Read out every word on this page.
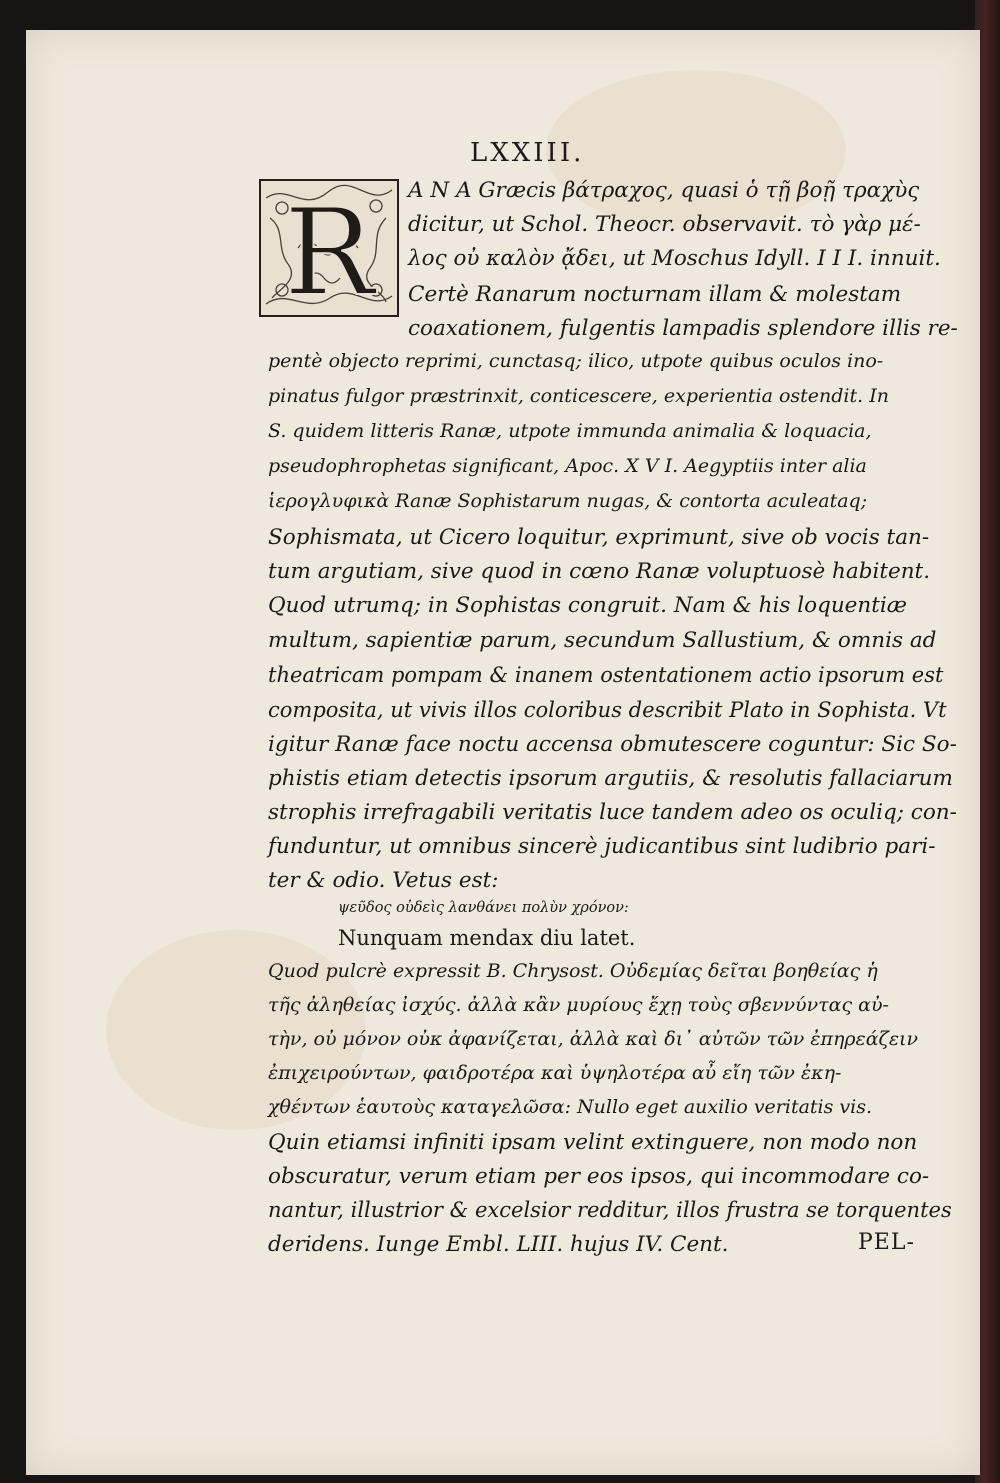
LXXIII.
R A N A Græcis βάτραχος, quasi ὁ τῇ βοῇ τραχὺς
dicitur, ut Schol. Theocr. observavit. τὸ γὰρ μέ-
λος οὐ καλὸν ᾄδει, ut Moschus Idyll. I I I. innuit.
Certè Ranarum nocturnam illam & molestam
coaxationem, fulgentis lampadis splendore illis re-
pentè objecto reprimi, cunctasq; ilico, utpote quibus oculos ino-
pinatus fulgor præstrinxit, conticescere, experientia ostendit. In
S. quidem litteris Ranæ, utpote immunda animalia & loquacia,
pseudophrophetas significant, Apoc. X V I. Aegyptiis inter alia
ἱερογλυφικὰ Ranæ Sophistarum nugas, & contorta aculeataq;
Sophismata, ut Cicero loquitur, exprimunt, sive ob vocis tan-
tum argutiam, sive quod in cœno Ranæ voluptuosè habitent.
Quod utrumq; in Sophistas congruit. Nam & his loquentiæ
multum, sapientiæ parum, secundum Sallustium, & omnis ad
theatricam pompam & inanem ostentationem actio ipsorum est
composita, ut vivis illos coloribus describit Plato in Sophista. Vt
igitur Ranæ face noctu accensa obmutescere coguntur: Sic So-
phistis etiam detectis ipsorum argutiis, & resolutis fallaciarum
strophis irrefragabili veritatis luce tandem adeo os oculiq; con-
funduntur, ut omnibus sincerè judicantibus sint ludibrio pari-
ter & odio. Vetus est:
ψεῦδος οὐδεὶς λανθάνει πολὺν χρόνον:
Nunquam mendax diu latet.
Quod pulcrè expressit B. Chrysost. Οὐδεμίας δεῖται βοηθείας ἡ
τῆς ἀληθείας ἰσχύς. ἀλλὰ κἂν μυρίους ἔχῃ τοὺς σβεννύντας αὐ-
τὴν, οὐ μόνον οὐκ ἀφανίζεται, ἀλλὰ καὶ δι᾽ αὐτῶν τῶν ἐπηρεάζειν
ἐπιχειρούντων, φαιδροτέρα καὶ ὑψηλοτέρα αὖ εἴη τῶν ἐκη-
χθέντων ἑαυτοὺς καταγελῶσα: Nullo eget auxilio veritatis vis.
Quin etiamsi infiniti ipsam velint extinguere, non modo non
obscuratur, verum etiam per eos ipsos, qui incommodare co-
nantur, illustrior & excelsior redditur, illos frustra se torquentes
deridens. Iunge Embl. LIII. hujus IV. Cent.	PEL-
